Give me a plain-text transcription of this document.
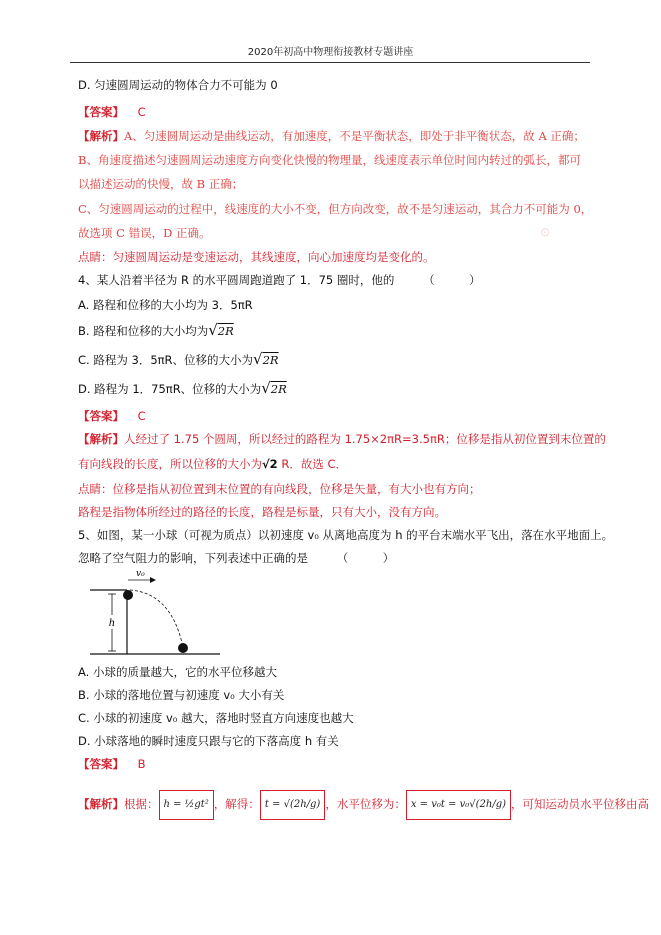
2020年初高中物理衔接教材专题讲座
D. 匀速圆周运动的物体合力不可能为 0
【答案】 C
【解析】A、匀速圆周运动是曲线运动，有加速度，不是平衡状态，即处于非平衡状态，故 A 正确；
B、角速度描述匀速圆周运动速度方向变化快慢的物理量，线速度表示单位时间内转过的弧长，都可
以描述运动的快慢，故 B 正确；
C、匀速圆周运动的过程中，线速度的大小不变，但方向改变，故不是匀速运动，其合力不可能为 0，
故选项 C 错误，D 正确。	⊙
点睛：匀速圆周运动是变速运动，其线速度，向心加速度均是变化的。
4、某人沿着半径为 R 的水平圆周跑道跑了 1．75 圈时，他的　　　（　　　）
A. 路程和位移的大小均为 3．5πR
B. 路程和位移的大小均为√2R
C. 路程为 3．5πR、位移的大小为√2R
D. 路程为 1．75πR、位移的大小为√2R
【答案】 C
【解析】人经过了 1.75 个圆周，所以经过的路程为 1.75×2πR=3.5πR；位移是指从初位置到末位置的
有向线段的长度，所以位移的大小为√2 R．故选 C．
点睛：位移是指从初位置到末位置的有向线段，位移是矢量，有大小也有方向；
路程是指物体所经过的路径的长度，路程是标量，只有大小，没有方向。
5、如图，某一小球（可视为质点）以初速度 v₀ 从离地高度为 h 的平台末端水平飞出，落在水平地面上。
忽略了空气阻力的影响，下列表述中正确的是　　　（　　　）
h
v₀
A. 小球的质量越大，它的水平位移越大
B. 小球的落地位置与初速度 v₀ 大小有关
C. 小球的初速度 v₀ 越大，落地时竖直方向速度也越大
D. 小球落地的瞬时速度只跟与它的下落高度 h 有关
【答案】 B
【解析】根据： h = ½gt² ，解得： t = √(2h/g) ，水平位移为： x = v₀t = v₀√(2h/g) ，可知运动员水平位移由高
